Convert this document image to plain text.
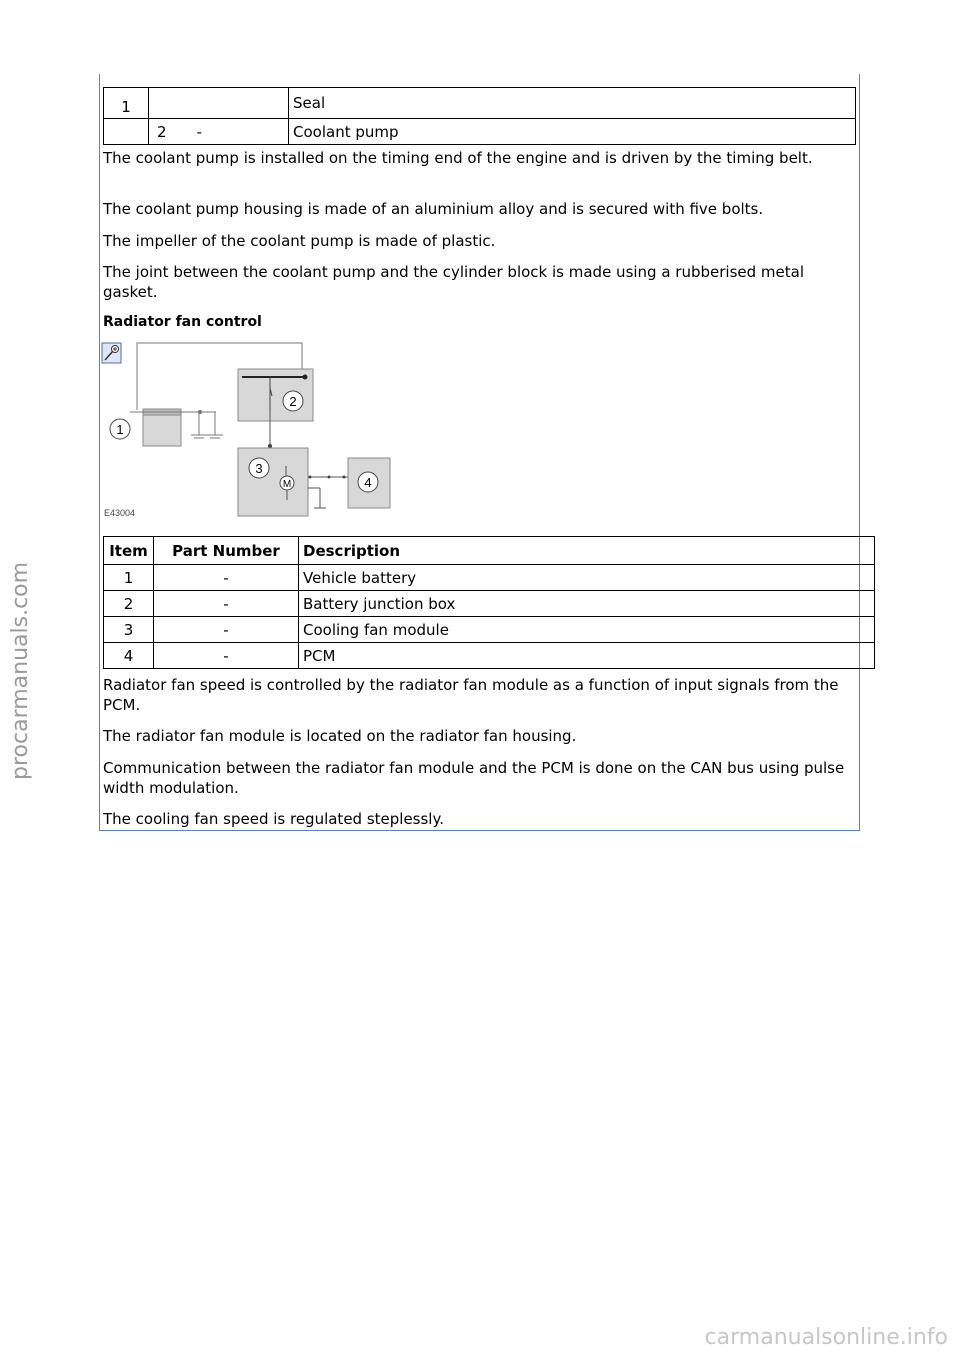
1		Seal
	2 -	Coolant pump

The coolant pump is installed on the timing end of the engine and is driven by the timing belt.

The coolant pump housing is made of an aluminium alloy and is secured with five bolts.

The impeller of the coolant pump is made of plastic.

The joint between the coolant pump and the cylinder block is made using a rubberised metal gasket.

Radiator fan control

2
1
3
M	4
E43004
Item	Part Number	Description
1	-	Vehicle battery
2	-	Battery junction box
3	-	Cooling fan module
4	-	PCM

Radiator fan speed is controlled by the radiator fan module as a function of input signals from the PCM.

The radiator fan module is located on the radiator fan housing.

Communication between the radiator fan module and the PCM is done on the CAN bus using pulse width modulation.

The cooling fan speed is regulated steplessly.

procarmanuals.com
carmanualsonline.info
